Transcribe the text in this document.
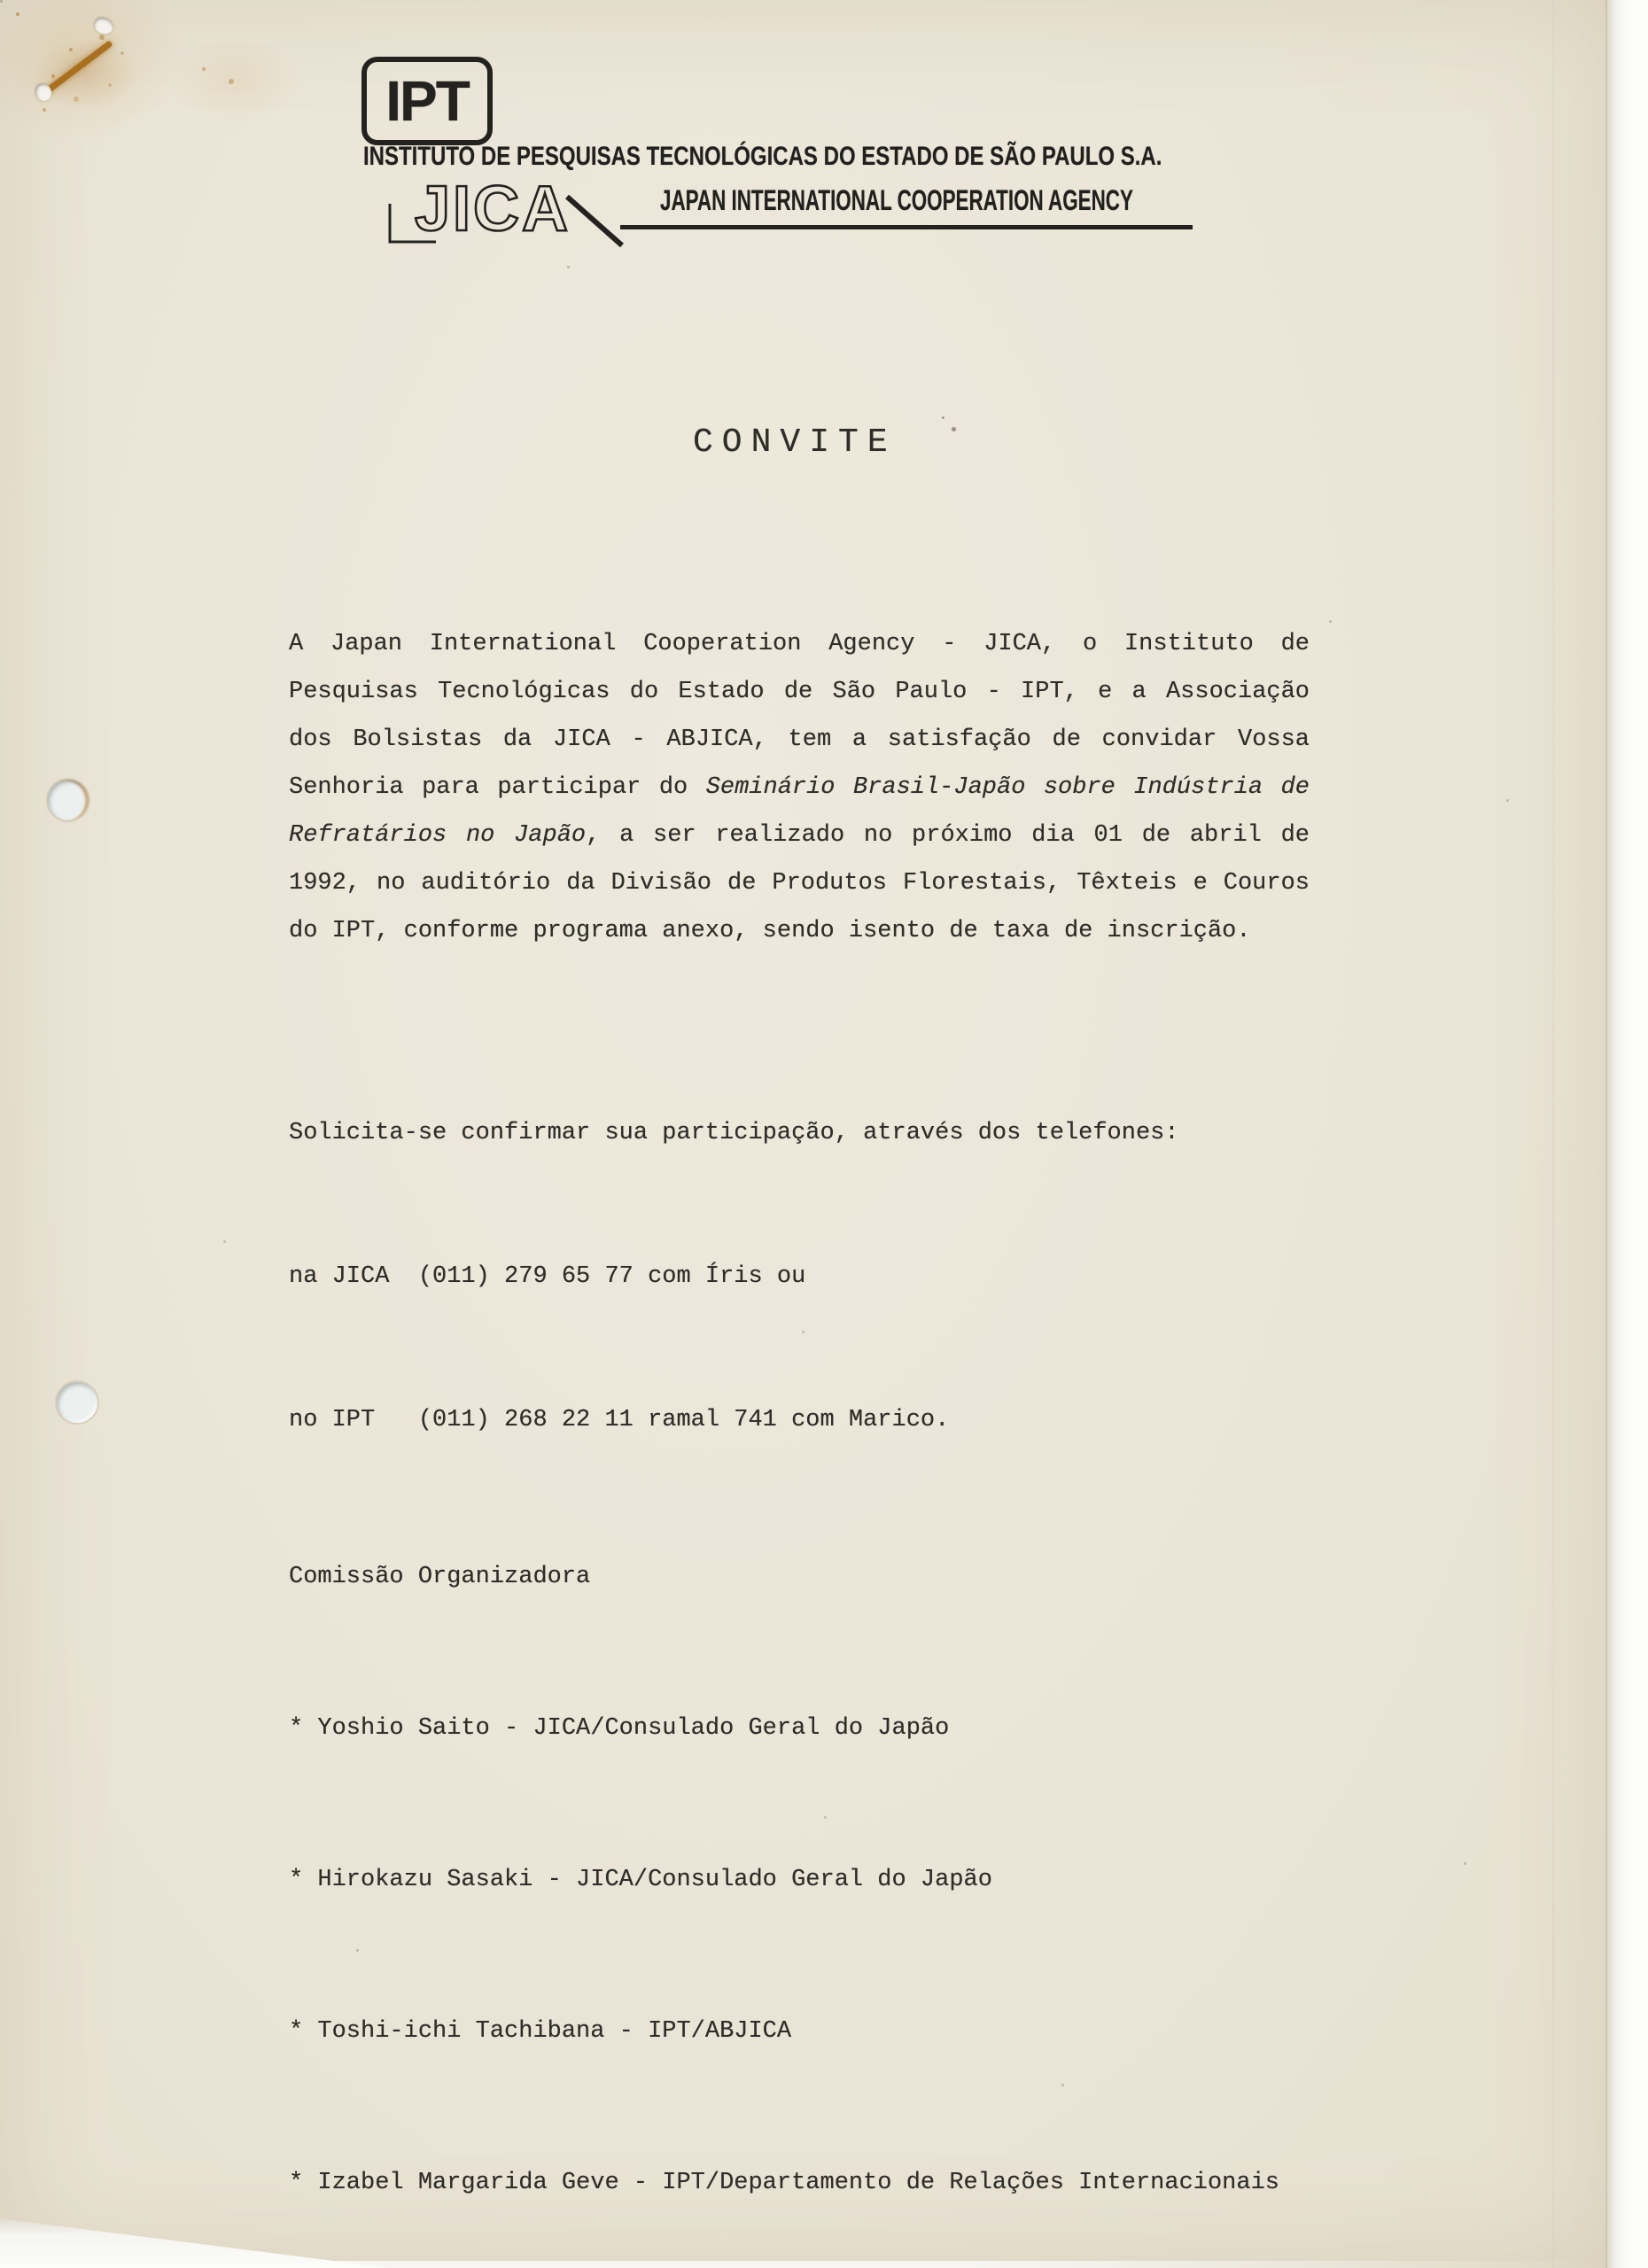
IPT
INSTITUTO DE PESQUISAS TECNOLÓGICAS DO ESTADO DE SÃO PAULO S.A.
JICA	JAPAN INTERNATIONAL COOPERATION AGENCY
CONVITE
A Japan International Cooperation Agency - JICA, o Instituto de
Pesquisas Tecnológicas do Estado de São Paulo - IPT, e a Associação
dos Bolsistas da JICA - ABJICA, tem a satisfação de convidar Vossa
Senhoria para participar do Seminário Brasil-Japão sobre Indústria de
Refratários no Japão, a ser realizado no próximo dia 01 de abril de
1992, no auditório da Divisão de Produtos Florestais, Têxteis e Couros
do IPT, conforme programa anexo, sendo isento de taxa de inscrição.

Solicita-se confirmar sua participação, através dos telefones:

na JICA  (011) 279 65 77 com Íris ou

no IPT   (011) 268 22 11 ramal 741 com Marico.

Comissão Organizadora

* Yoshio Saito - JICA/Consulado Geral do Japão

* Hirokazu Sasaki - JICA/Consulado Geral do Japão

* Toshi-ichi Tachibana - IPT/ABJICA

* Izabel Margarida Geve - IPT/Departamento de Relações Internacionais
